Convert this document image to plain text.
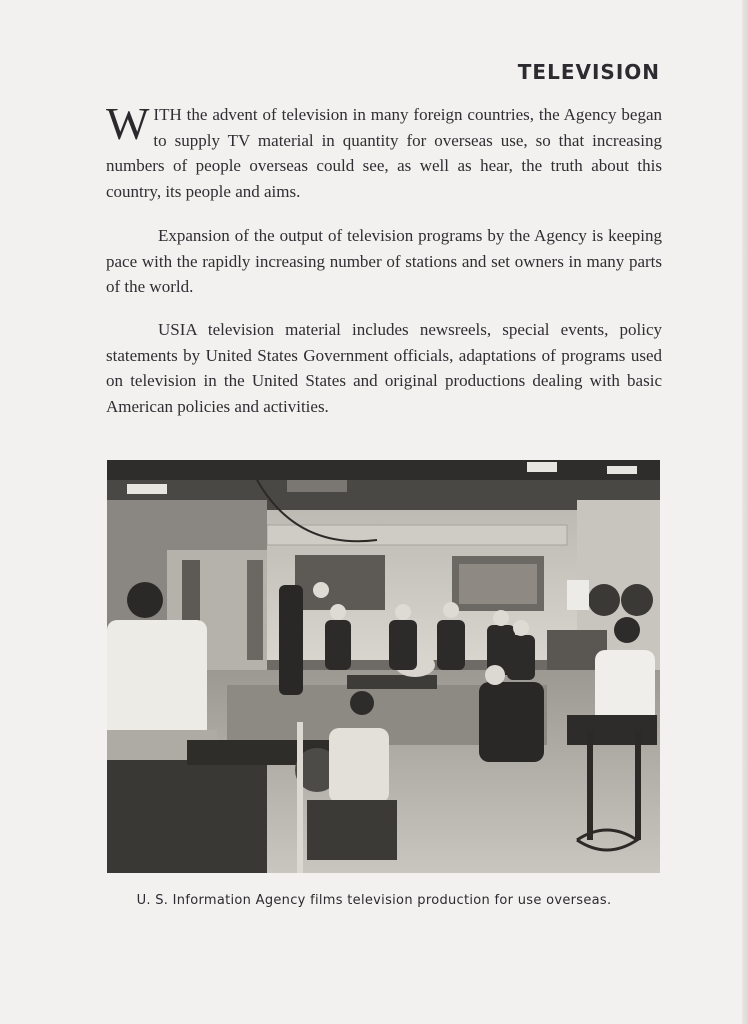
TELEVISION

WITH the advent of television in many foreign countries, the Agency began to supply TV material in quantity for overseas use, so that increasing numbers of people overseas could see, as well as hear, the truth about this country, its people and aims.

Expansion of the output of television programs by the Agency is keeping pace with the rapidly increasing number of stations and set owners in many parts of the world.

USIA television material includes newsreels, special events, policy statements by United States Government officials, adaptations of programs used on television in the United States and original productions dealing with basic American policies and activities.

U. S. Information Agency films television production for use overseas.
